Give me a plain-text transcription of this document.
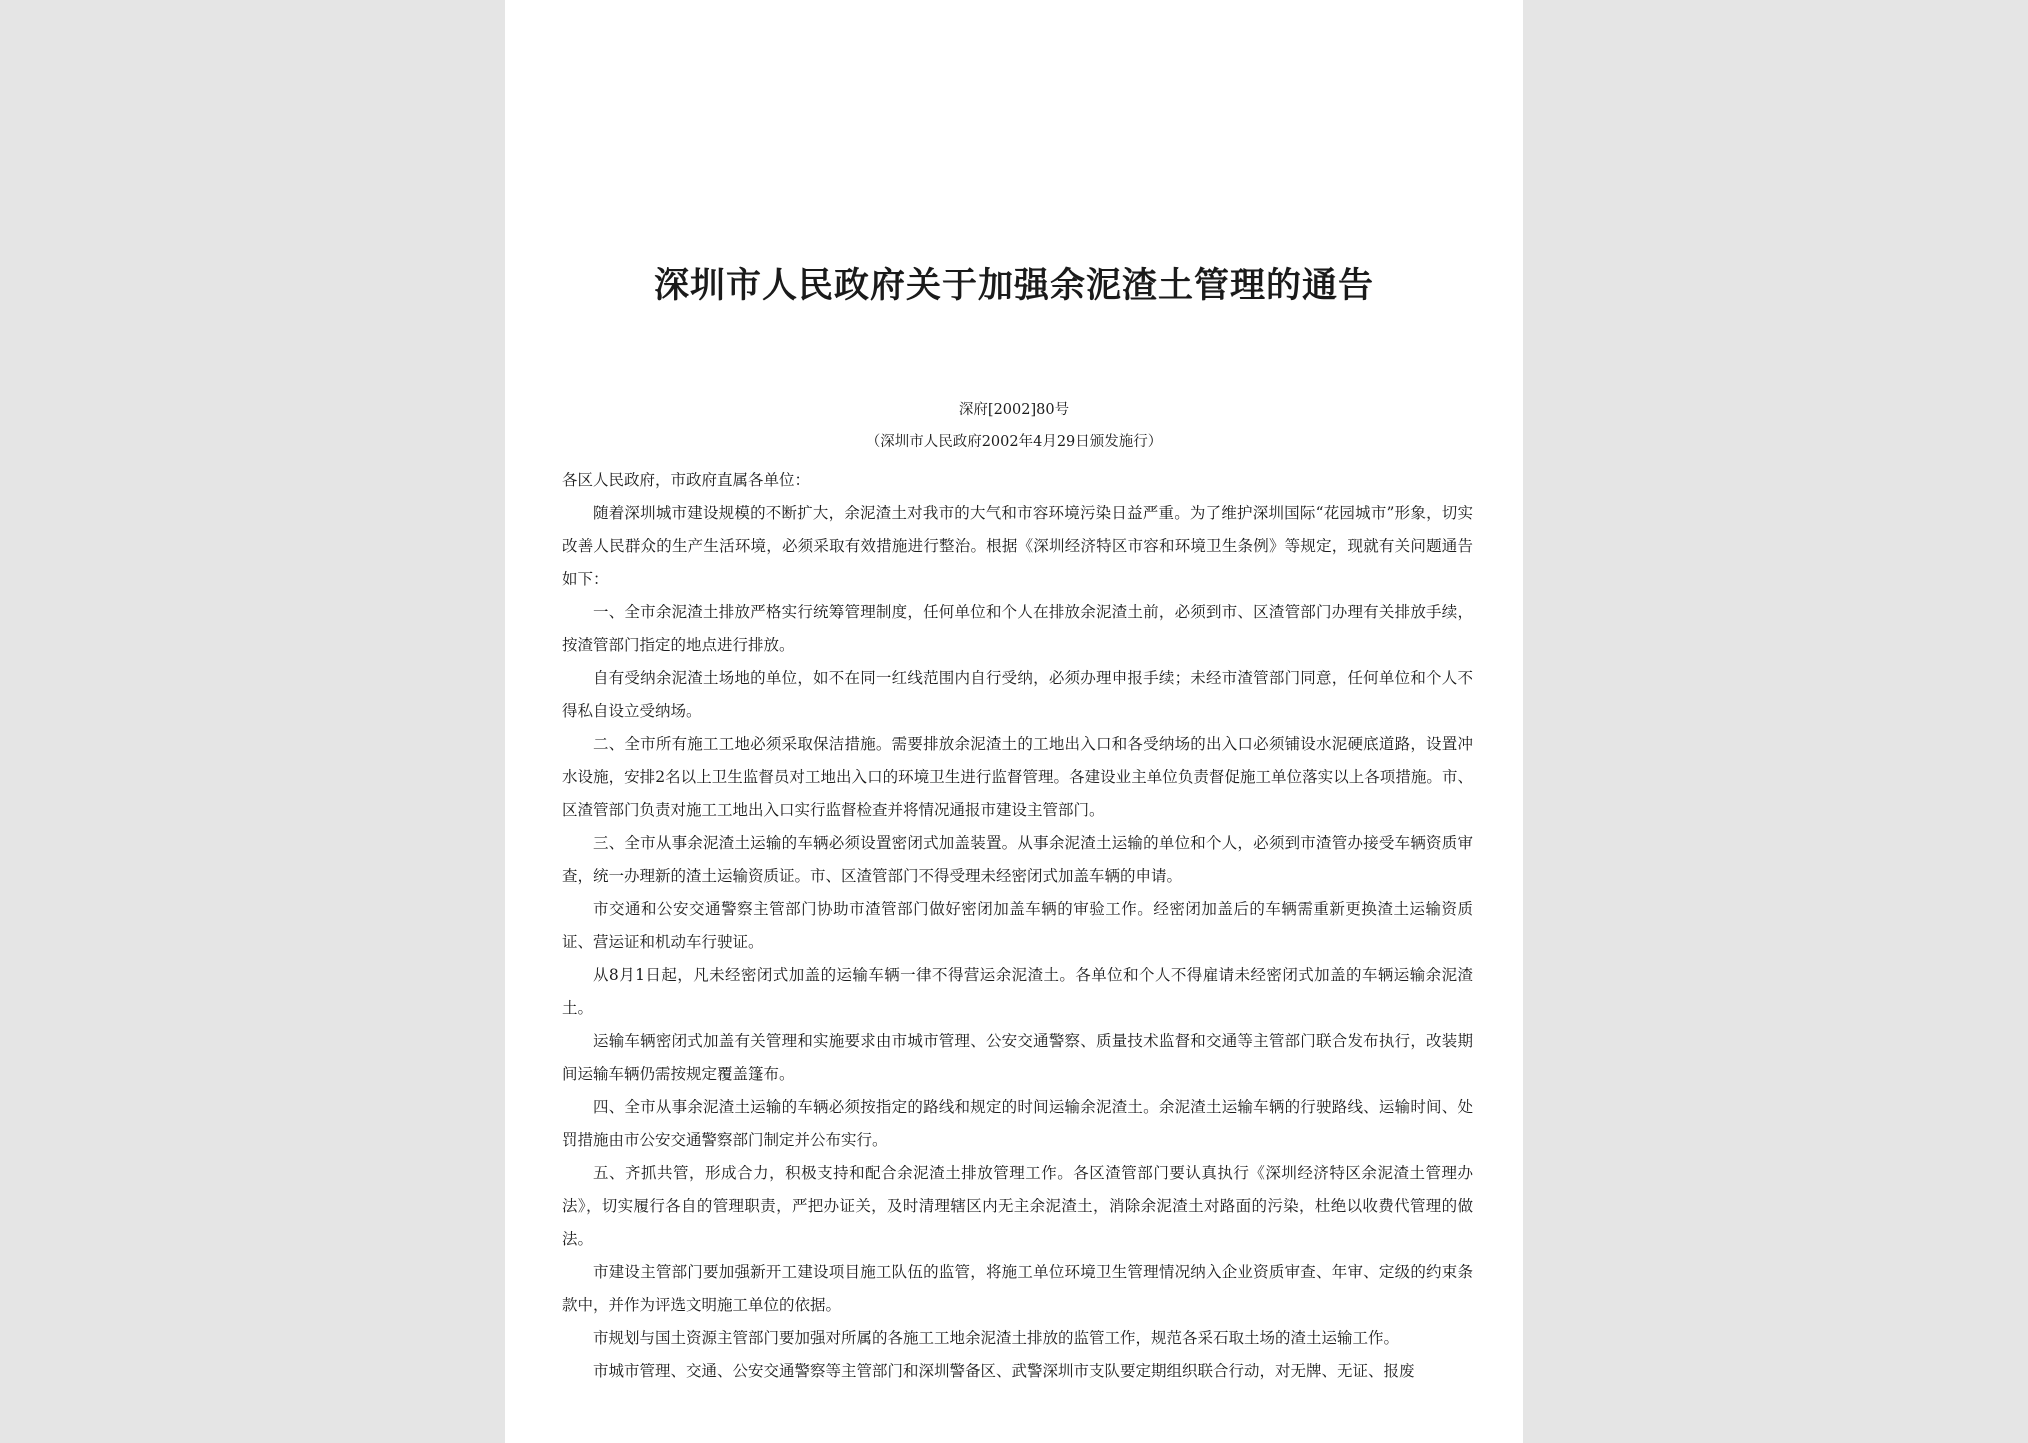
深圳市人民政府关于加强余泥渣土管理的通告
深府[2002]80号
（深圳市人民政府2002年4月29日颁发施行）

各区人民政府，市政府直属各单位：

随着深圳城市建设规模的不断扩大，余泥渣土对我市的大气和市容环境污染日益严重。为了维护深圳国际“花园城市”形象，切实改善人民群众的生产生活环境，必须采取有效措施进行整治。根据《深圳经济特区市容和环境卫生条例》等规定，现就有关问题通告如下：

一、全市余泥渣土排放严格实行统筹管理制度，任何单位和个人在排放余泥渣土前，必须到市、区渣管部门办理有关排放手续，按渣管部门指定的地点进行排放。

自有受纳余泥渣土场地的单位，如不在同一红线范围内自行受纳，必须办理申报手续；未经市渣管部门同意，任何单位和个人不得私自设立受纳场。

二、全市所有施工工地必须采取保洁措施。需要排放余泥渣土的工地出入口和各受纳场的出入口必须铺设水泥硬底道路，设置冲水设施，安排2名以上卫生监督员对工地出入口的环境卫生进行监督管理。各建设业主单位负责督促施工单位落实以上各项措施。市、区渣管部门负责对施工工地出入口实行监督检查并将情况通报市建设主管部门。

三、全市从事余泥渣土运输的车辆必须设置密闭式加盖装置。从事余泥渣土运输的单位和个人，必须到市渣管办接受车辆资质审查，统一办理新的渣土运输资质证。市、区渣管部门不得受理未经密闭式加盖车辆的申请。

市交通和公安交通警察主管部门协助市渣管部门做好密闭加盖车辆的审验工作。经密闭加盖后的车辆需重新更换渣土运输资质证、营运证和机动车行驶证。

从8月1日起，凡未经密闭式加盖的运输车辆一律不得营运余泥渣土。各单位和个人不得雇请未经密闭式加盖的车辆运输余泥渣土。

运输车辆密闭式加盖有关管理和实施要求由市城市管理、公安交通警察、质量技术监督和交通等主管部门联合发布执行，改装期间运输车辆仍需按规定覆盖篷布。

四、全市从事余泥渣土运输的车辆必须按指定的路线和规定的时间运输余泥渣土。余泥渣土运输车辆的行驶路线、运输时间、处罚措施由市公安交通警察部门制定并公布实行。

五、齐抓共管，形成合力，积极支持和配合余泥渣土排放管理工作。各区渣管部门要认真执行《深圳经济特区余泥渣土管理办法》，切实履行各自的管理职责，严把办证关，及时清理辖区内无主余泥渣土，消除余泥渣土对路面的污染，杜绝以收费代管理的做法。

市建设主管部门要加强新开工建设项目施工队伍的监管，将施工单位环境卫生管理情况纳入企业资质审查、年审、定级的约束条款中，并作为评选文明施工单位的依据。

市规划与国土资源主管部门要加强对所属的各施工工地余泥渣土排放的监管工作，规范各采石取土场的渣土运输工作。

市城市管理、交通、公安交通警察等主管部门和深圳警备区、武警深圳市支队要定期组织联合行动，对无牌、无证、报废
